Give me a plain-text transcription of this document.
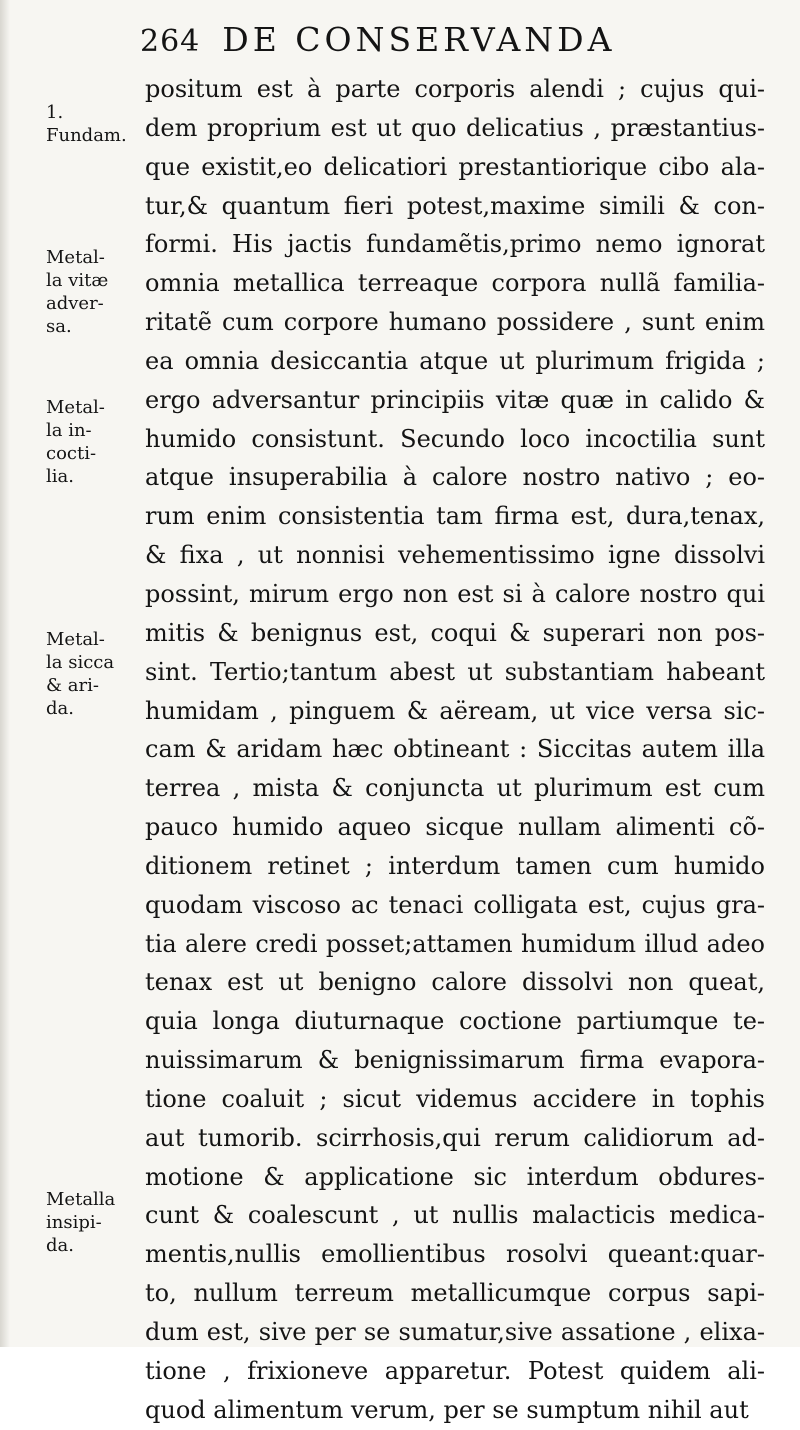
264 DE CONSERVANDA
1. Fundam.
Metal-
la vitæ
adver-
sa.
Metal-
la in-
cocti-
lia.
Metal-
la sicca
& ari-
da.
Metalla
insipi-
da.
positum est à parte corporis alendi ; cujus qui-
dem proprium est ut quo delicatius , præstantius-
que existit,eo delicatiori prestantiorique cibo ala-
tur,& quantum fieri potest,maxime simili & con-
formi. His jactis fundamẽtis,primo nemo ignorat
omnia metallica terreaque corpora nullã familia-
ritatẽ cum corpore humano possidere , sunt enim
ea omnia desiccantia atque ut plurimum frigida ;
ergo adversantur principiis vitæ quæ in calido &
humido consistunt. Secundo loco incoctilia sunt
atque insuperabilia à calore nostro nativo ; eo-
rum enim consistentia tam firma est, dura,tenax,
& fixa , ut nonnisi vehementissimo igne dissolvi
possint, mirum ergo non est si à calore nostro qui
mitis & benignus est, coqui & superari non pos-
sint. Tertio;tantum abest ut substantiam habeant
humidam , pinguem & aëream, ut vice versa sic-
cam & aridam hæc obtineant : Siccitas autem illa
terrea , mista & conjuncta ut plurimum est cum
pauco humido aqueo sicque nullam alimenti cõ-
ditionem retinet ; interdum tamen cum humido
quodam viscoso ac tenaci colligata est, cujus gra-
tia alere credi posset;attamen humidum illud adeo
tenax est ut benigno calore dissolvi non queat,
quia longa diuturnaque coctione partiumque te-
nuissimarum & benignissimarum firma evapora-
tione coaluit ; sicut videmus accidere in tophis
aut tumorib. scirrhosis,qui rerum calidiorum ad-
motione & applicatione sic interdum obdures-
cunt & coalescunt , ut nullis malacticis medica-
mentis,nullis emollientibus rosolvi queant:quar-
to, nullum terreum metallicumque corpus sapi-
dum est, sive per se sumatur,sive assatione , elixa-
tione , frixioneve apparetur. Potest quidem ali-
quod alimentum verum, per se sumptum nihil aut
